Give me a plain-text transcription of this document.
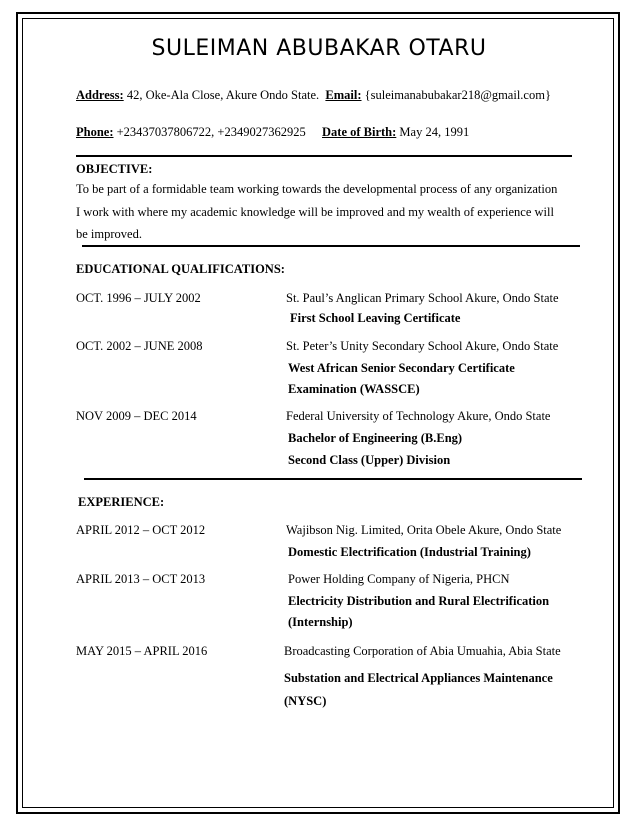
SULEIMAN ABUBAKAR OTARU
Address: 42, Oke-Ala Close, Akure Ondo State. Email: {suleimanabubakar218@gmail.com}
Phone: +23437037806722, +2349027362925 Date of Birth: May 24, 1991
OBJECTIVE:
To be part of a formidable team working towards the developmental process of any organization
I work with where my academic knowledge will be improved and my wealth of experience will
be improved.
EDUCATIONAL QUALIFICATIONS:
OCT. 1996 – JULY 2002	St. Paul’s Anglican Primary School Akure, Ondo State
First School Leaving Certificate
OCT. 2002 – JUNE 2008	St. Peter’s Unity Secondary School Akure, Ondo State
West African Senior Secondary Certificate
Examination (WASSCE)
NOV 2009 – DEC 2014	Federal University of Technology Akure, Ondo State
Bachelor of Engineering (B.Eng)
Second Class (Upper) Division
EXPERIENCE:
APRIL 2012 – OCT 2012	Wajibson Nig. Limited, Orita Obele Akure, Ondo State
Domestic Electrification (Industrial Training)
APRIL 2013 – OCT 2013	Power Holding Company of Nigeria, PHCN
Electricity Distribution and Rural Electrification
(Internship)
MAY 2015 – APRIL 2016	Broadcasting Corporation of Abia Umuahia, Abia State
Substation and Electrical Appliances Maintenance
(NYSC)
